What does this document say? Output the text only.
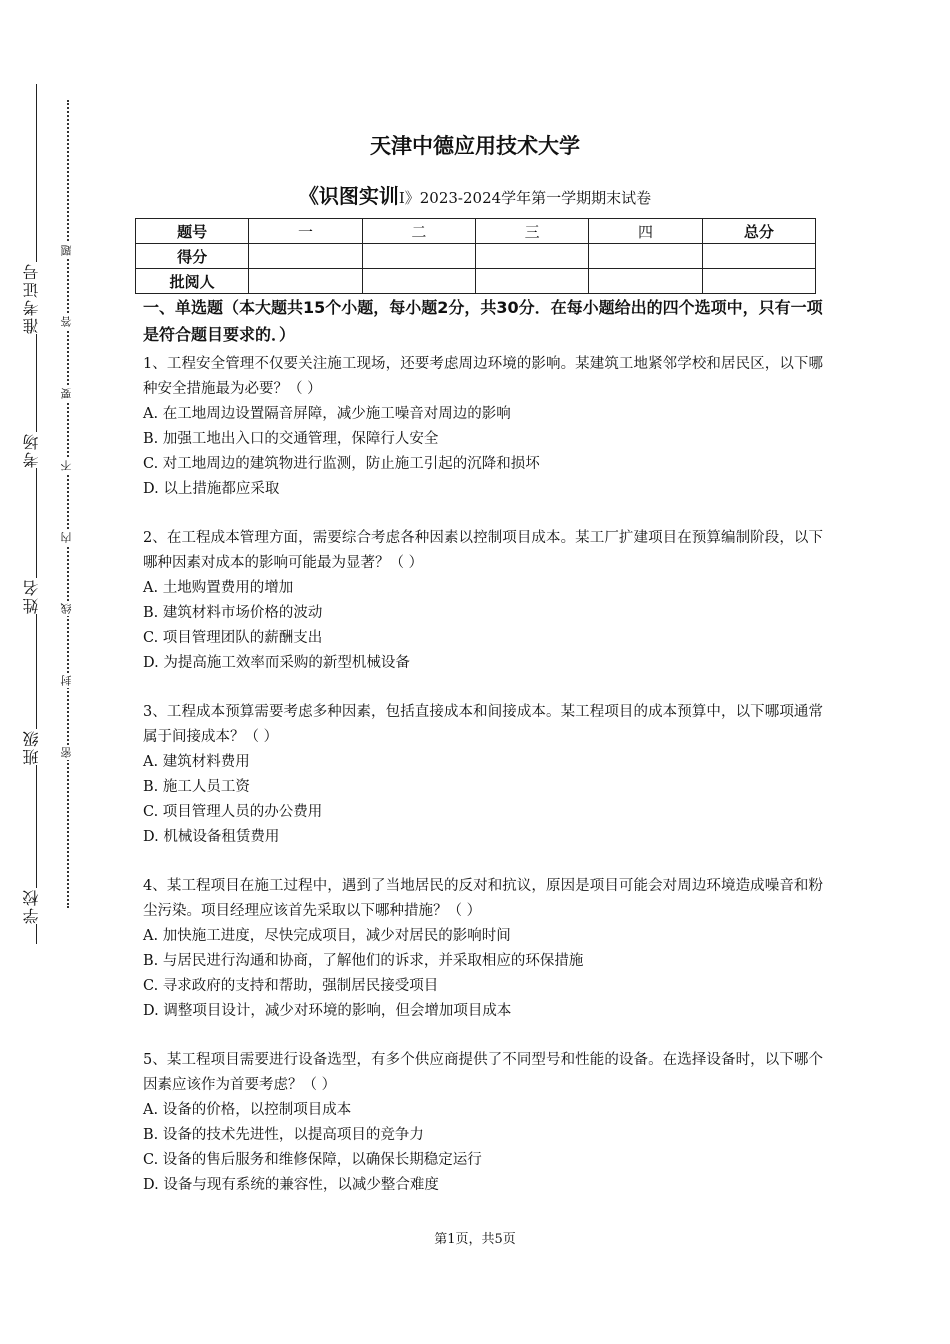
准考证号
考场
姓名
班级
学校
题
答
要
不
内
线
封
密
天津中德应用技术大学
《识图实训I》2023-2024学年第一学期期末试卷
题号	一	二	三	四	总分
得分					
批阅人					
一、单选题（本大题共15个小题，每小题2分，共30分．在每小题给出的四个选项中，只有一项是符合题目要求的．）
1、工程安全管理不仅要关注施工现场，还要考虑周边环境的影响。某建筑工地紧邻学校和居民区，以下哪种安全措施最为必要？（ ）
A. 在工地周边设置隔音屏障，减少施工噪音对周边的影响
B. 加强工地出入口的交通管理，保障行人安全
C. 对工地周边的建筑物进行监测，防止施工引起的沉降和损坏
D. 以上措施都应采取
2、在工程成本管理方面，需要综合考虑各种因素以控制项目成本。某工厂扩建项目在预算编制阶段，以下哪种因素对成本的影响可能最为显著？（ ）
A. 土地购置费用的增加
B. 建筑材料市场价格的波动
C. 项目管理团队的薪酬支出
D. 为提高施工效率而采购的新型机械设备
3、工程成本预算需要考虑多种因素，包括直接成本和间接成本。某工程项目的成本预算中，以下哪项通常属于间接成本？（ ）
A. 建筑材料费用
B. 施工人员工资
C. 项目管理人员的办公费用
D. 机械设备租赁费用
4、某工程项目在施工过程中，遇到了当地居民的反对和抗议，原因是项目可能会对周边环境造成噪音和粉尘污染。项目经理应该首先采取以下哪种措施？（ ）
A. 加快施工进度，尽快完成项目，减少对居民的影响时间
B. 与居民进行沟通和协商，了解他们的诉求，并采取相应的环保措施
C. 寻求政府的支持和帮助，强制居民接受项目
D. 调整项目设计，减少对环境的影响，但会增加项目成本
5、某工程项目需要进行设备选型，有多个供应商提供了不同型号和性能的设备。在选择设备时，以下哪个因素应该作为首要考虑？（ ）
A. 设备的价格，以控制项目成本
B. 设备的技术先进性，以提高项目的竞争力
C. 设备的售后服务和维修保障，以确保长期稳定运行
D. 设备与现有系统的兼容性，以减少整合难度
第1页，共5页
